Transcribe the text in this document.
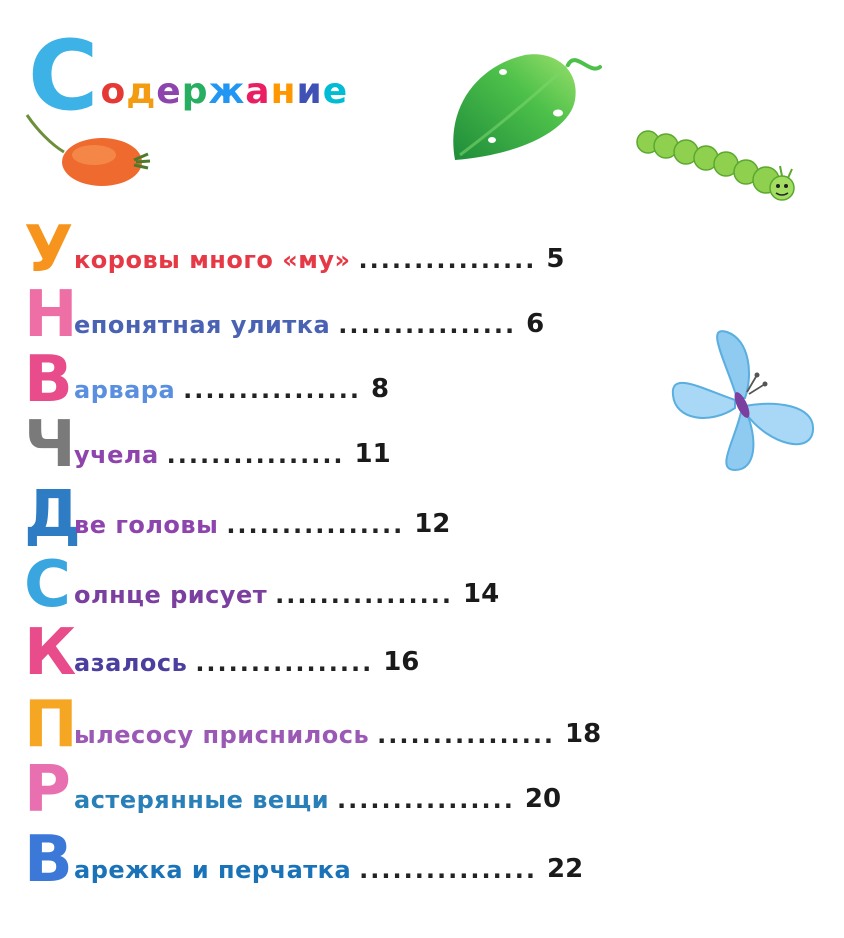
Содержание
У коровы много «му» ................ 5
Н
епонятная улитка ................ 6
В арвара ................ 8
Ч
учела ................ 11
Д
ве головы ................ 12
С олнце рисует ................ 14
К
азалось ................ 16
П
ылесосу приснилось ................ 18
Р астерянные вещи ................ 20
В арежка и перчатка ................ 22
